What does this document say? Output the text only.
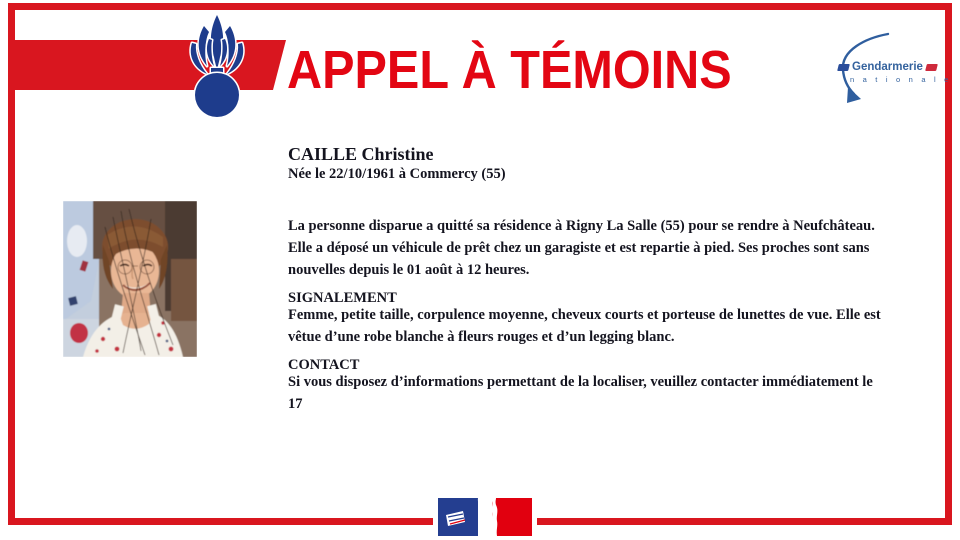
APPEL À TÉMOINS	Gendarmerie
n a t i o n a l e
CAILLE Christine
Née le 22/10/1961 à Commercy (55)
La personne disparue a quitté sa résidence à Rigny La Salle (55) pour se rendre à Neufchâteau.
Elle a déposé un véhicule de prêt chez un garagiste et est repartie à pied. Ses proches sont sans
nouvelles depuis le 01 août à 12 heures.
SIGNALEMENT
Femme, petite taille, corpulence moyenne, cheveux courts et porteuse de lunettes de vue. Elle est
vêtue d’une robe blanche à fleurs rouges et d’un legging blanc.
CONTACT
Si vous disposez d’informations permettant de la localiser, veuillez contacter immédiatement le
17
